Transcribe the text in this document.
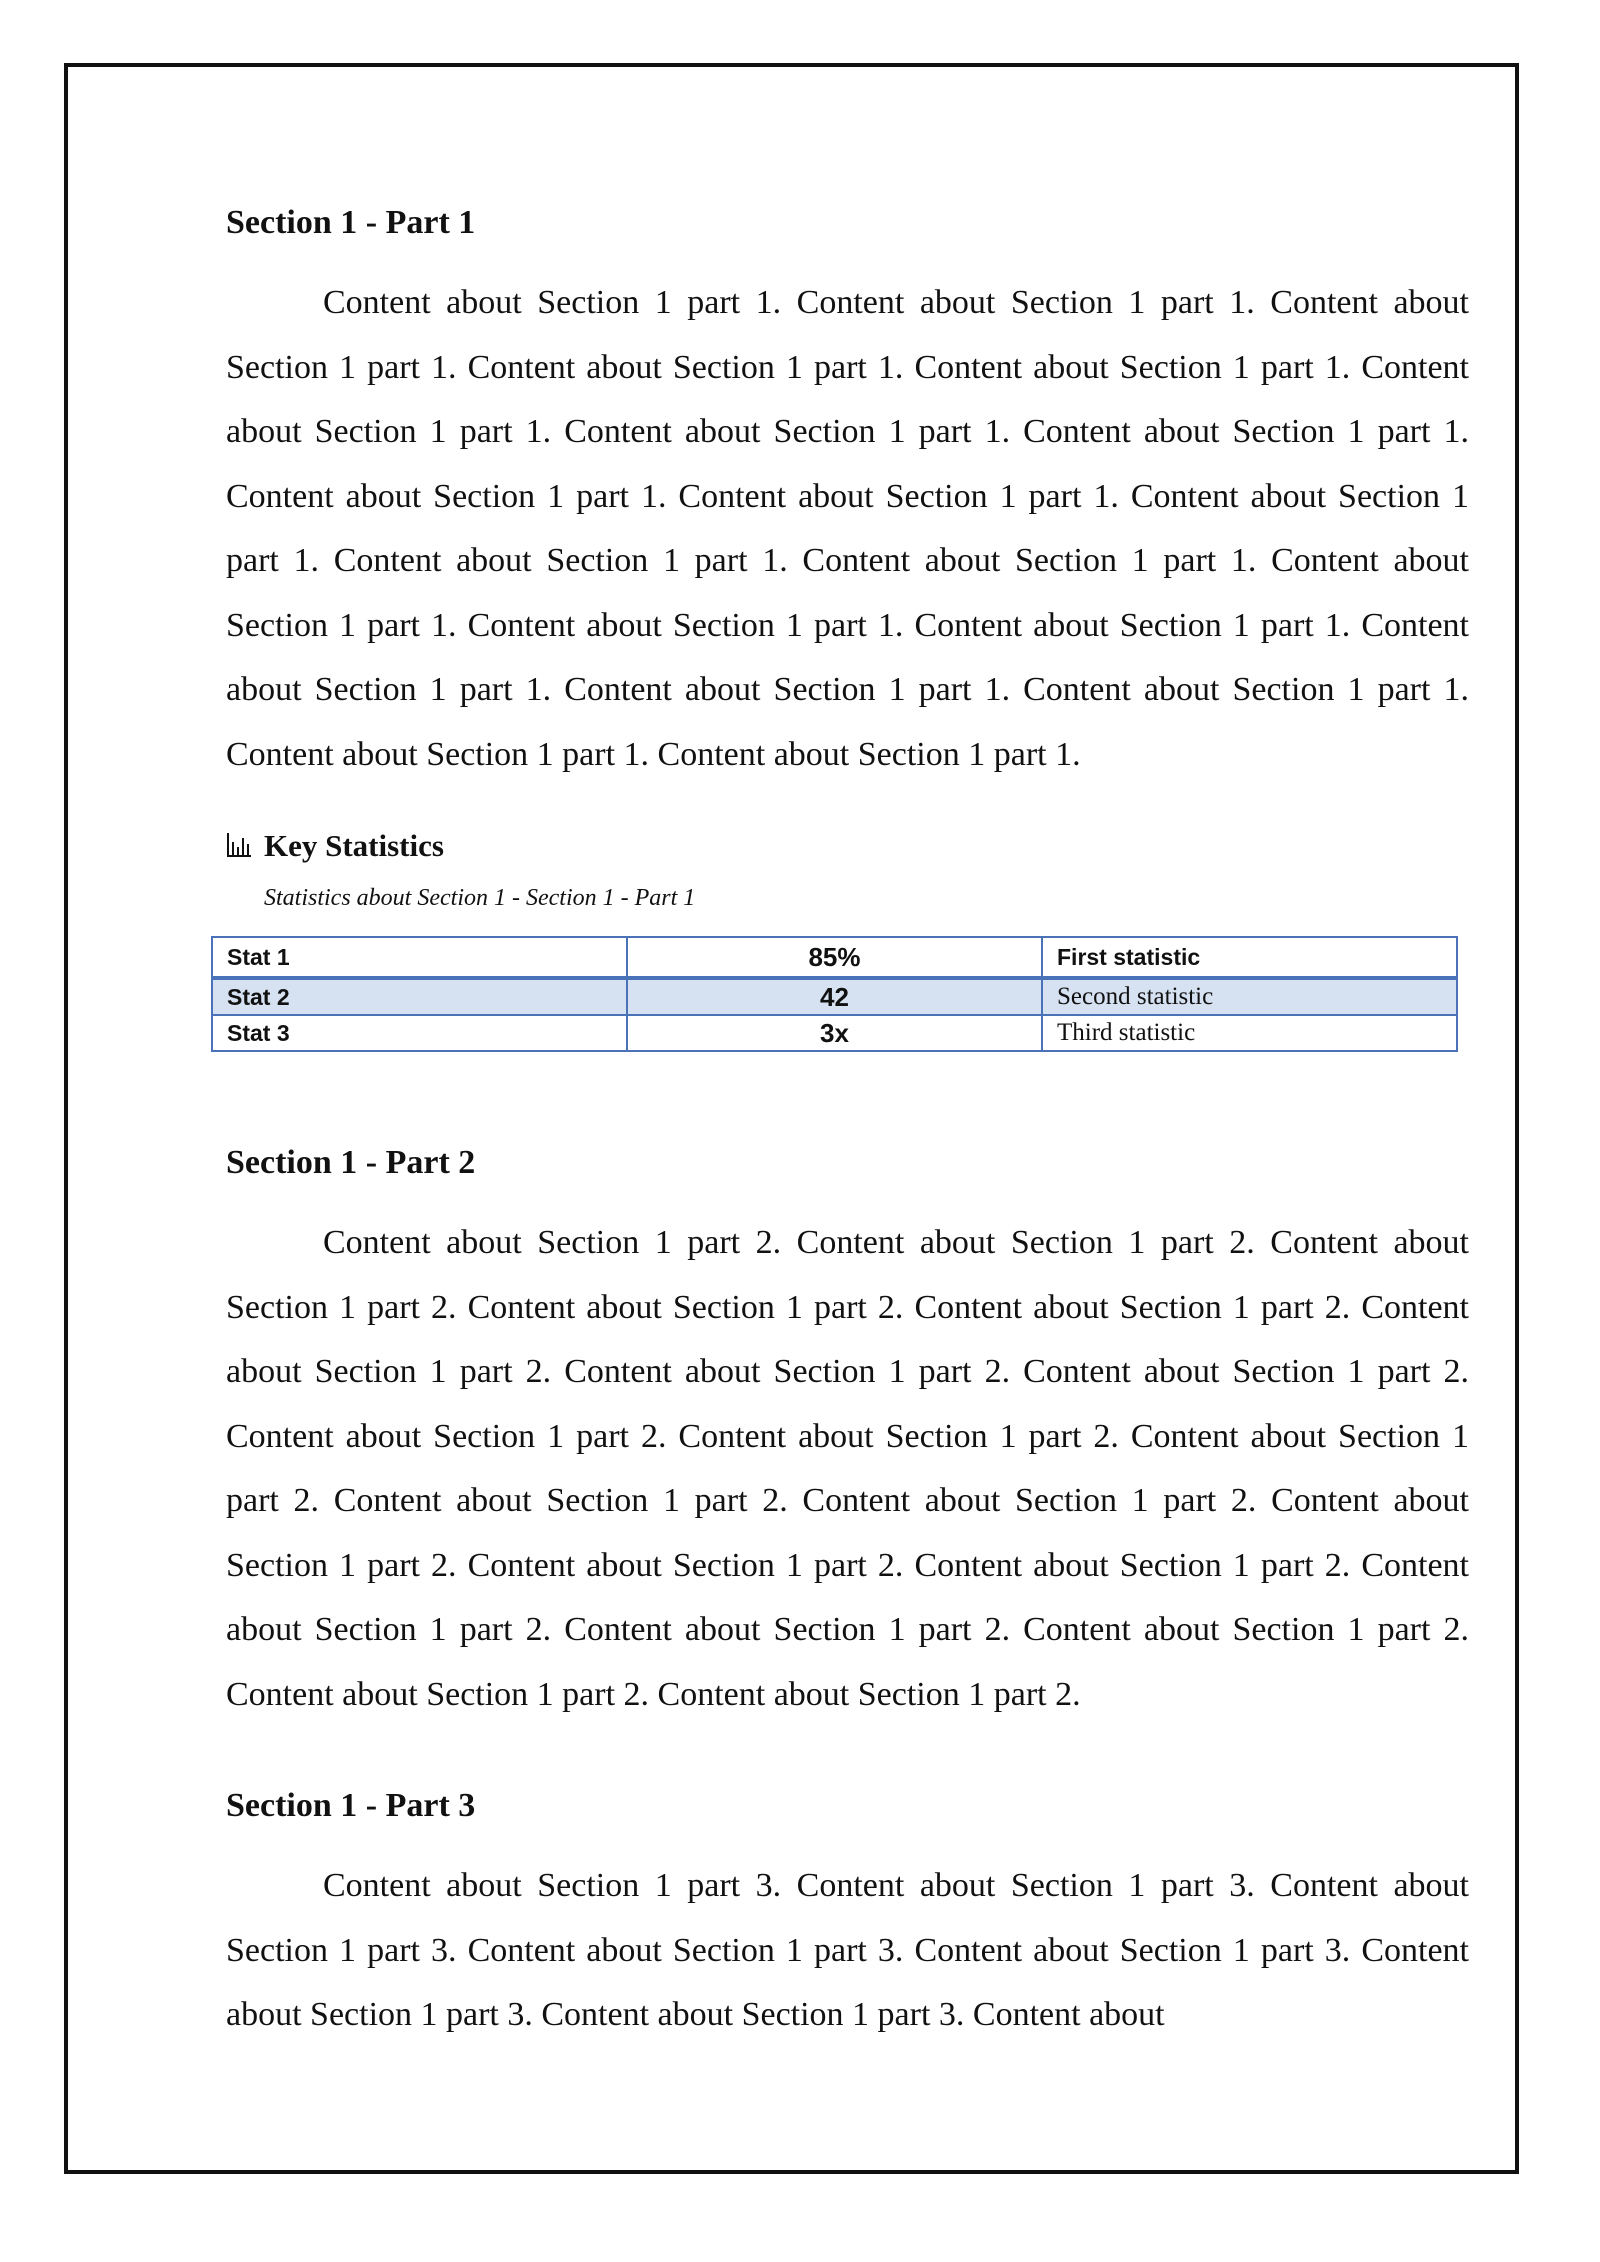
Section 1 - Part 1

Content about Section 1 part 1. Content about Section 1 part 1. Content about Section 1 part 1. Content about Section 1 part 1. Content about Section 1 part 1. Content about Section 1 part 1. Content about Section 1 part 1. Content about Section 1 part 1. Content about Section 1 part 1. Content about Section 1 part 1. Content about Section 1 part 1. Content about Section 1 part 1. Content about Section 1 part 1. Content about Section 1 part 1. Content about Section 1 part 1. Content about Section 1 part 1. Content about Section 1 part 1. Content about Section 1 part 1. Content about Section 1 part 1. Content about Section 1 part 1. Content about Section 1 part 1.

Key Statistics
Statistics about Section 1 - Section 1 - Part 1
Stat 1	85%	First statistic
Stat 2	42	Second statistic
Stat 3	3x	Third statistic
Section 1 - Part 2

Content about Section 1 part 2. Content about Section 1 part 2. Content about Section 1 part 2. Content about Section 1 part 2. Content about Section 1 part 2. Content about Section 1 part 2. Content about Section 1 part 2. Content about Section 1 part 2. Content about Section 1 part 2. Content about Section 1 part 2. Content about Section 1 part 2. Content about Section 1 part 2. Content about Section 1 part 2. Content about Section 1 part 2. Content about Section 1 part 2. Content about Section 1 part 2. Content about Section 1 part 2. Content about Section 1 part 2. Content about Section 1 part 2. Content about Section 1 part 2. Content about Section 1 part 2.

Section 1 - Part 3

Content about Section 1 part 3. Content about Section 1 part 3. Content about Section 1 part 3. Content about Section 1 part 3. Content about Section 1 part 3. Content about Section 1 part 3. Content about Section 1 part 3. Content about
